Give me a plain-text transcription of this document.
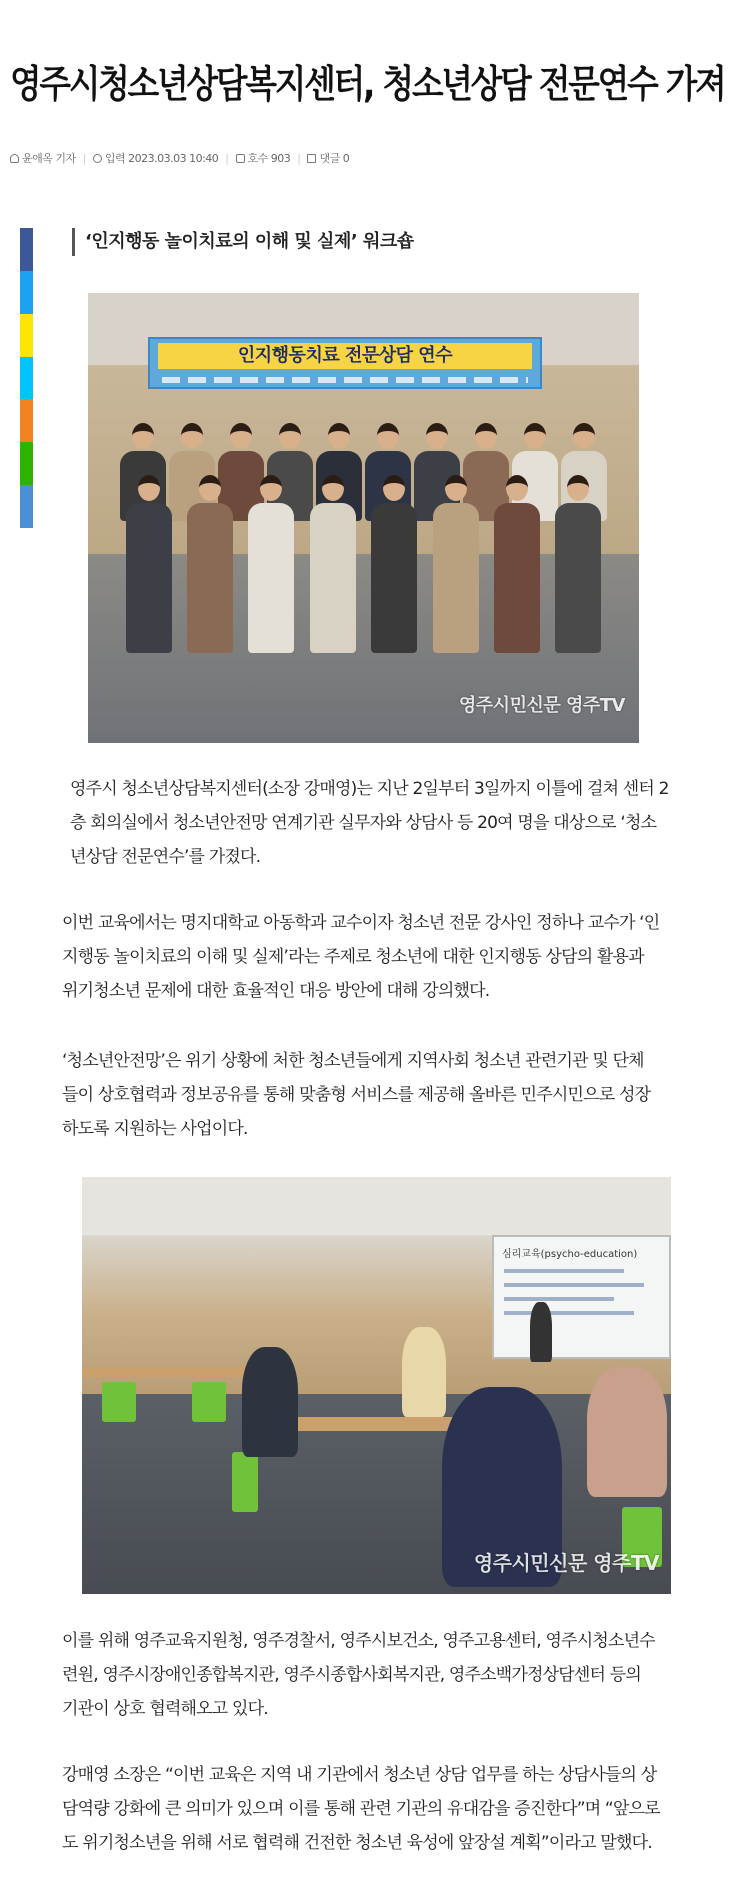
영주시청소년상담복지센터, 청소년상담 전문연수 가져
윤애옥 기자 | 입력 2023.03.03 10:40 | 호수 903 | 댓글 0
‘인지행동 놀이치료의 이해 및 실제’ 워크숍
인지행동치료 전문상담 연수
영주시민신문 영주TV
영주시 청소년상담복지센터(소장 강매영)는 지난 2일부터 3일까지 이틀에 걸쳐 센터 2
층 회의실에서 청소년안전망 연계기관 실무자와 상담사 등 20여 명을 대상으로 ‘청소
년상담 전문연수’를 가졌다.
이번 교육에서는 명지대학교 아동학과 교수이자 청소년 전문 강사인 정하나 교수가 ‘인
지행동 놀이치료의 이해 및 실제’라는 주제로 청소년에 대한 인지행동 상담의 활용과
위기청소년 문제에 대한 효율적인 대응 방안에 대해 강의했다.
‘청소년안전망’은 위기 상황에 처한 청소년들에게 지역사회 청소년 관련기관 및 단체
들이 상호협력과 정보공유를 통해 맞춤형 서비스를 제공해 올바른 민주시민으로 성장
하도록 지원하는 사업이다.
심리교육(psycho-education)
영주시민신문 영주TV
이를 위해 영주교육지원청, 영주경찰서, 영주시보건소, 영주고용센터, 영주시청소년수
련원, 영주시장애인종합복지관, 영주시종합사회복지관, 영주소백가정상담센터 등의
기관이 상호 협력해오고 있다.
강매영 소장은 “이번 교육은 지역 내 기관에서 청소년 상담 업무를 하는 상담사들의 상
담역량 강화에 큰 의미가 있으며 이를 통해 관련 기관의 유대감을 증진한다”며 “앞으로
도 위기청소년을 위해 서로 협력해 건전한 청소년 육성에 앞장설 계획”이라고 말했다.
